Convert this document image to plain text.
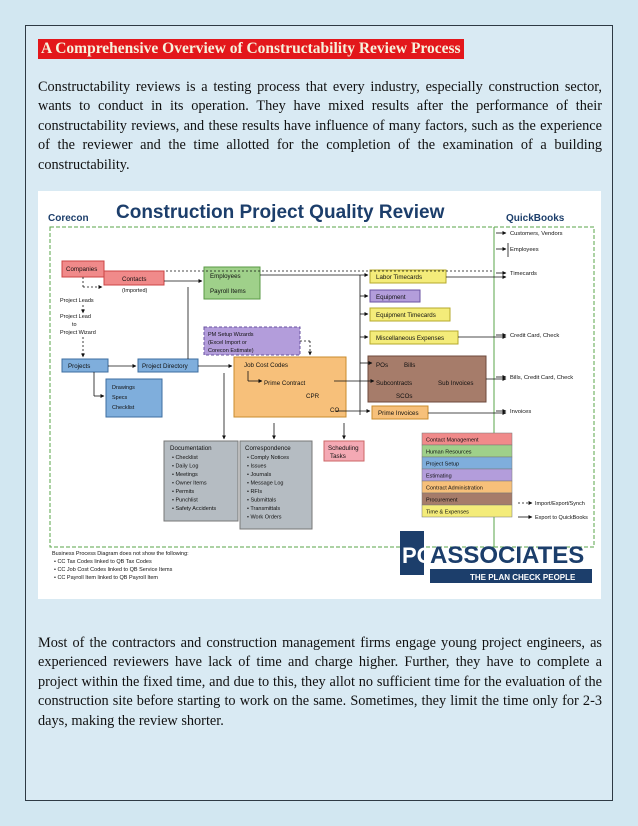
A Comprehensive Overview of Constructability Review Process

Constructability reviews is a testing process that every industry, especially construction sector, wants to conduct in its operation. They have mixed results after the performance of their constructability reviews, and these results have influence of many factors, such as the experience of the reviewer and the time allotted for the completion of the examination of a building constructability.

Corecon Construction Project Quality Review	QuickBooks
Companies
Contacts
(Imported)
Project Leads
Project Lead
to
Project Wizard
Projects	Project Directory
Drawings
Specs
Checklist
Employees
Payroll Items
PM Setup Wizards
(Excel Import or
Corecon Estimate)
Job Cost Codes
Prime Contract
CPR
CO	Prime Invoices
Labor Timecards
Equipment
Equipment Timecards
Miscellaneous Expenses
POs	Bills
Subcontracts	Sub Invoices
SCOs
Documentation
• Checklist
• Daily Log
• Meetings
• Owner Items
• Permits
• Punchlist
• Safety Accidents
Correspondence
• Comply Notices
• Issues
• Journals
• Message Log
• RFIs
• Submittals
• Transmittals
• Work Orders
Scheduling
Tasks
Customers, Vendors
Employees
Timecards
Credit Card, Check
Bills, Credit Card, Check
Invoices
Contact Management
Human Resources
Project Setup
Estimating
Contract Administration
Procurement
Time & Expenses
Import/Export/Synch
Export to QuickBooks
Business Process Diagram does not show the following:
• CC Tax Codes linked to QB Tax Codes
• CC Job Cost Codes linked to QB Service Items
• CC Payroll Item linked to QB Payroll Item
PC
ASSOCIATES
THE PLAN CHECK PEOPLE

Most of the contractors and construction management firms engage young project engineers, as experienced reviewers have lack of time and charge higher. Further, they have to complete a project within the fixed time, and due to this, they allot no sufficient time for the evaluation of the construction site before starting to work on the same. Sometimes, they limit the time only for 2-3 days, making the review shorter.
